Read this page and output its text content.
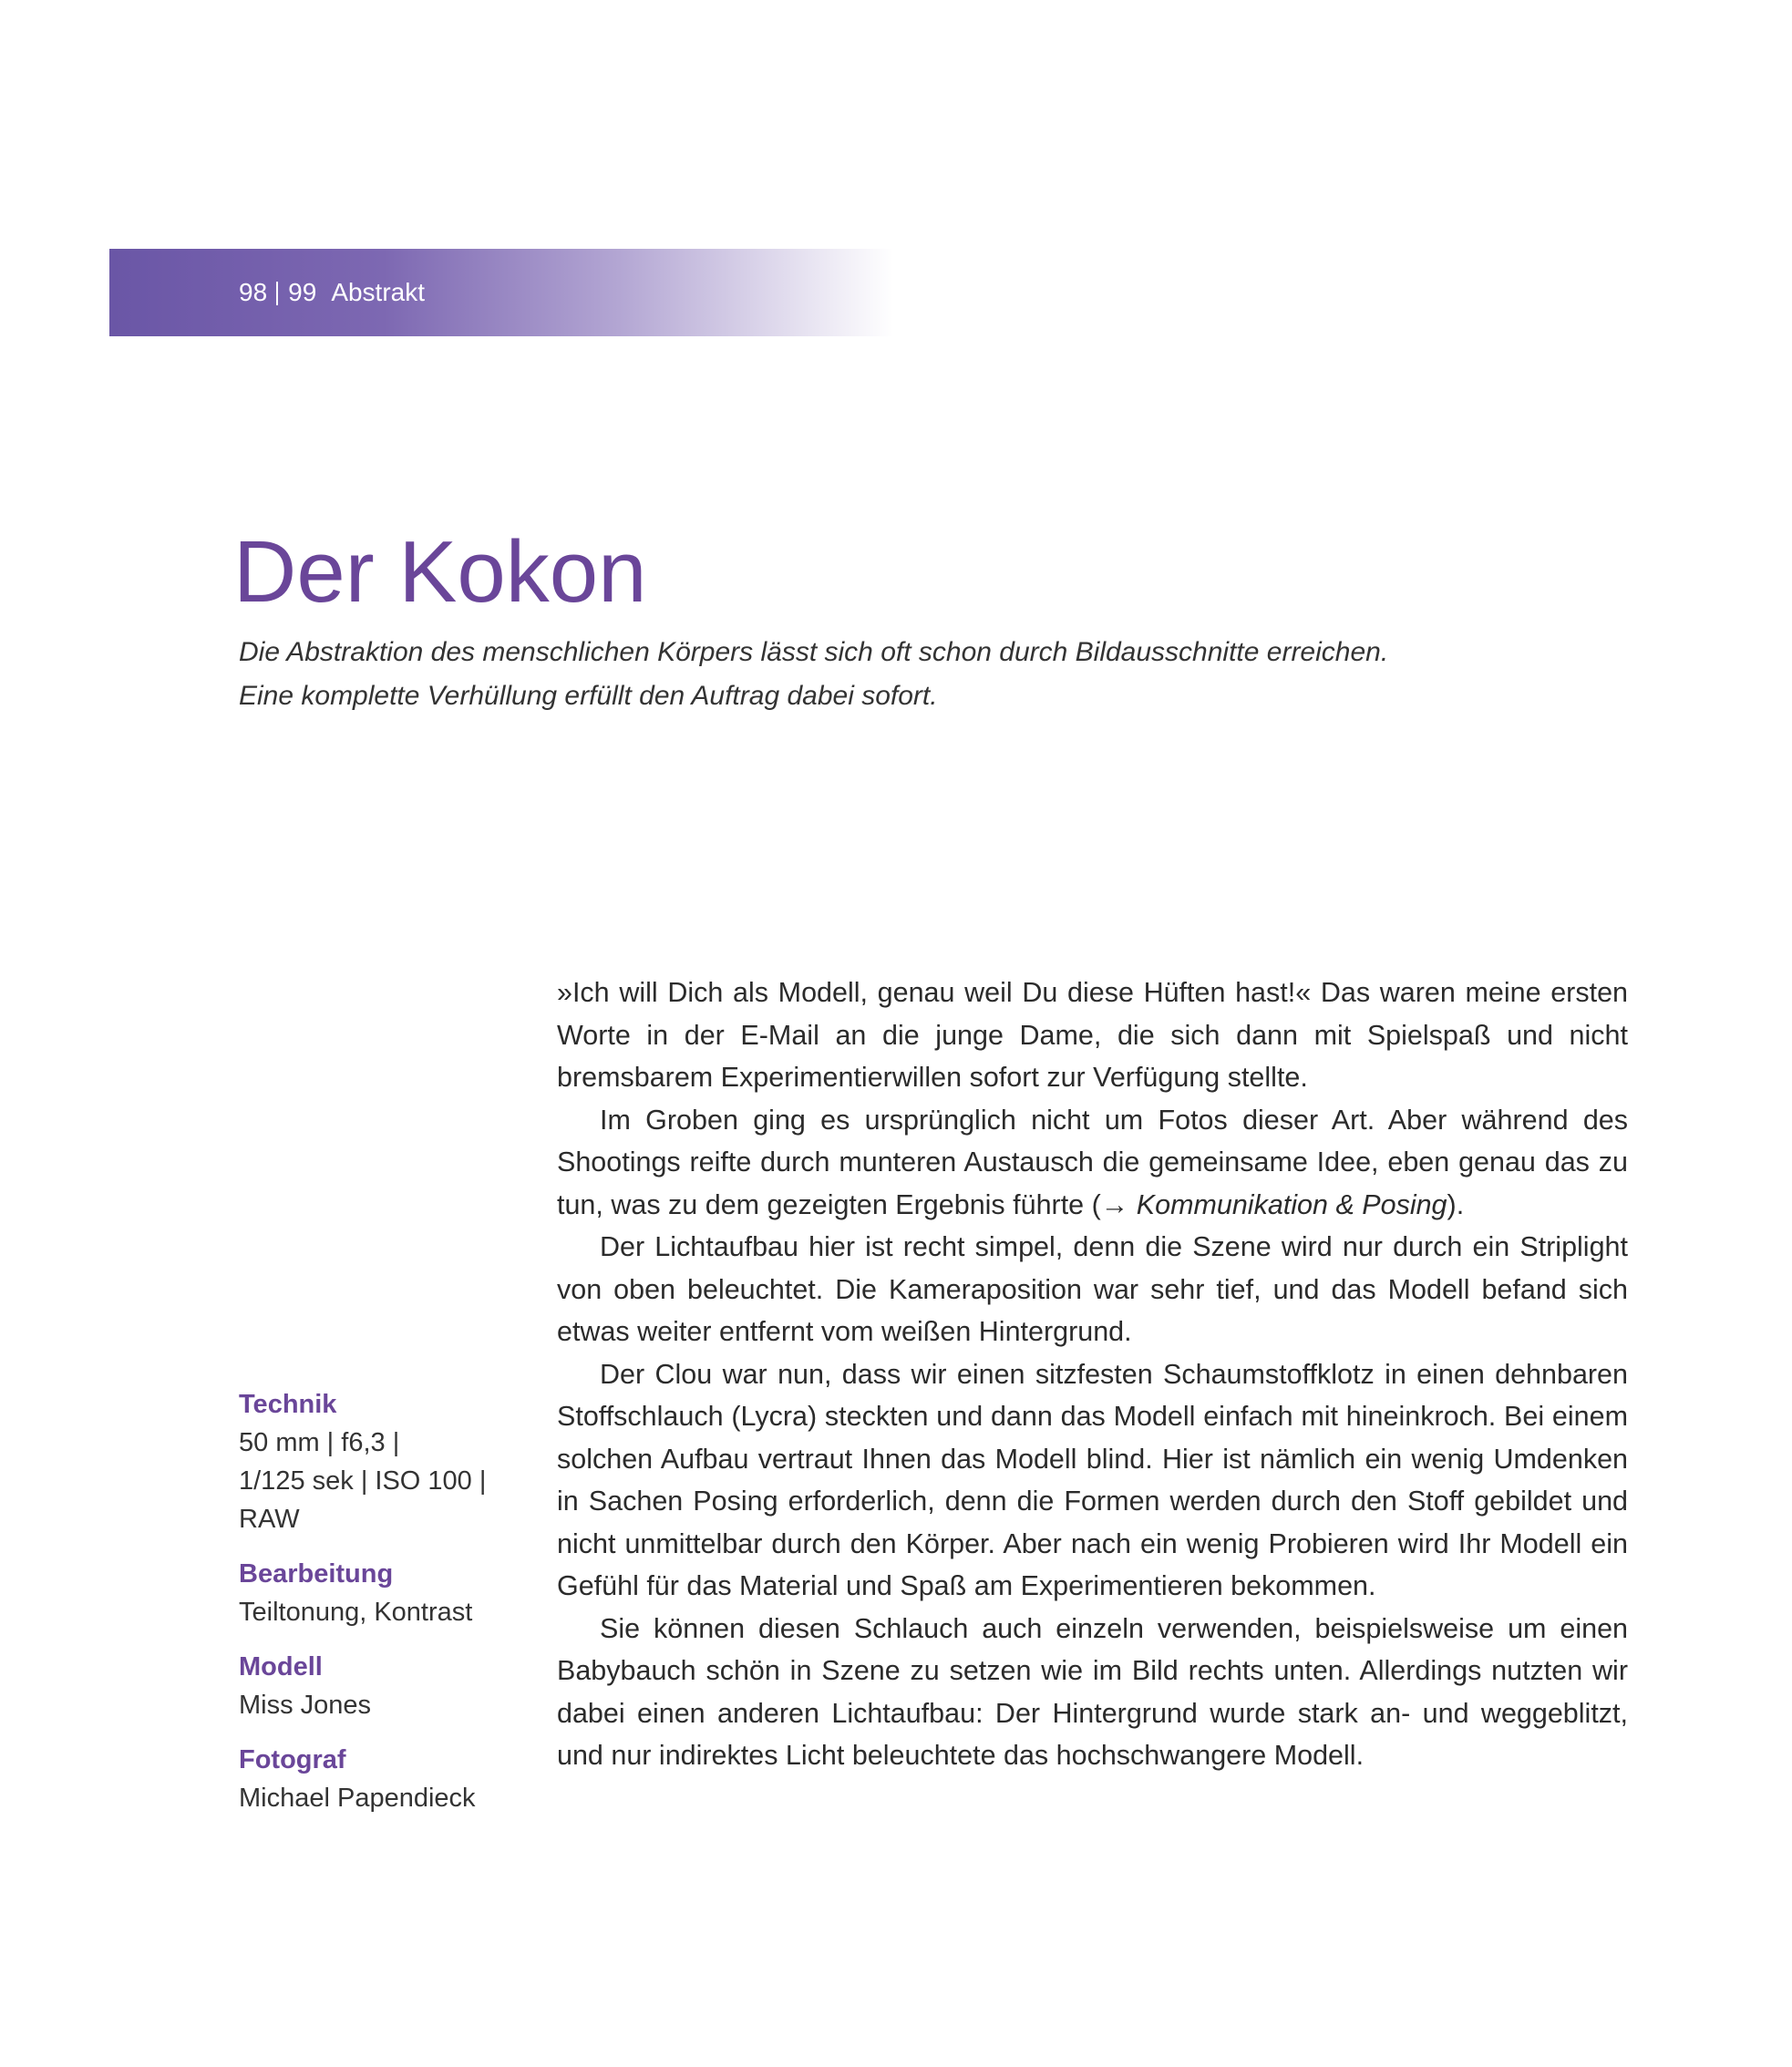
98 99 Abstrakt
Der Kokon

Die Abstraktion des menschlichen Körpers lässt sich oft schon durch Bildausschnitte erreichen.
Eine komplette Verhüllung erfüllt den Auftrag dabei sofort.

Technik
50 mm | f6,3 |
1/125 sek | ISO 100 |
RAW
Bearbeitung
Teiltonung, Kontrast
Modell
Miss Jones
Fotograf
Michael Papendieck

»Ich will Dich als Modell, genau weil Du diese Hüften hast!« Das waren meine ersten Worte in der E-Mail an die junge Dame, die sich dann mit Spielspaß und nicht bremsbarem Experimentierwillen sofort zur Verfügung stellte.

Im Groben ging es ursprünglich nicht um Fotos dieser Art. Aber während des Shootings reifte durch munteren Austausch die gemeinsame Idee, eben genau das zu tun, was zu dem gezeigten Ergebnis führte (→ Kommunikation & Posing).

Der Lichtaufbau hier ist recht simpel, denn die Szene wird nur durch ein Striplight von oben beleuchtet. Die Kameraposition war sehr tief, und das Modell befand sich etwas weiter entfernt vom weißen Hintergrund.

Der Clou war nun, dass wir einen sitzfesten Schaumstoffklotz in einen dehnbaren Stoffschlauch (Lycra) steckten und dann das Modell einfach mit hineinkroch. Bei einem solchen Aufbau vertraut Ihnen das Modell blind. Hier ist nämlich ein wenig Umdenken in Sachen Posing erforderlich, denn die Formen werden durch den Stoff gebildet und nicht unmittelbar durch den Körper. Aber nach ein wenig Probieren wird Ihr Modell ein Gefühl für das Material und Spaß am Experimentieren bekommen.

Sie können diesen Schlauch auch einzeln verwenden, beispielsweise um einen Babybauch schön in Szene zu setzen wie im Bild rechts unten. Allerdings nutzten wir dabei einen anderen Lichtaufbau: Der Hintergrund wurde stark an- und weggeblitzt, und nur indirektes Licht beleuchtete das hochschwangere Modell.
